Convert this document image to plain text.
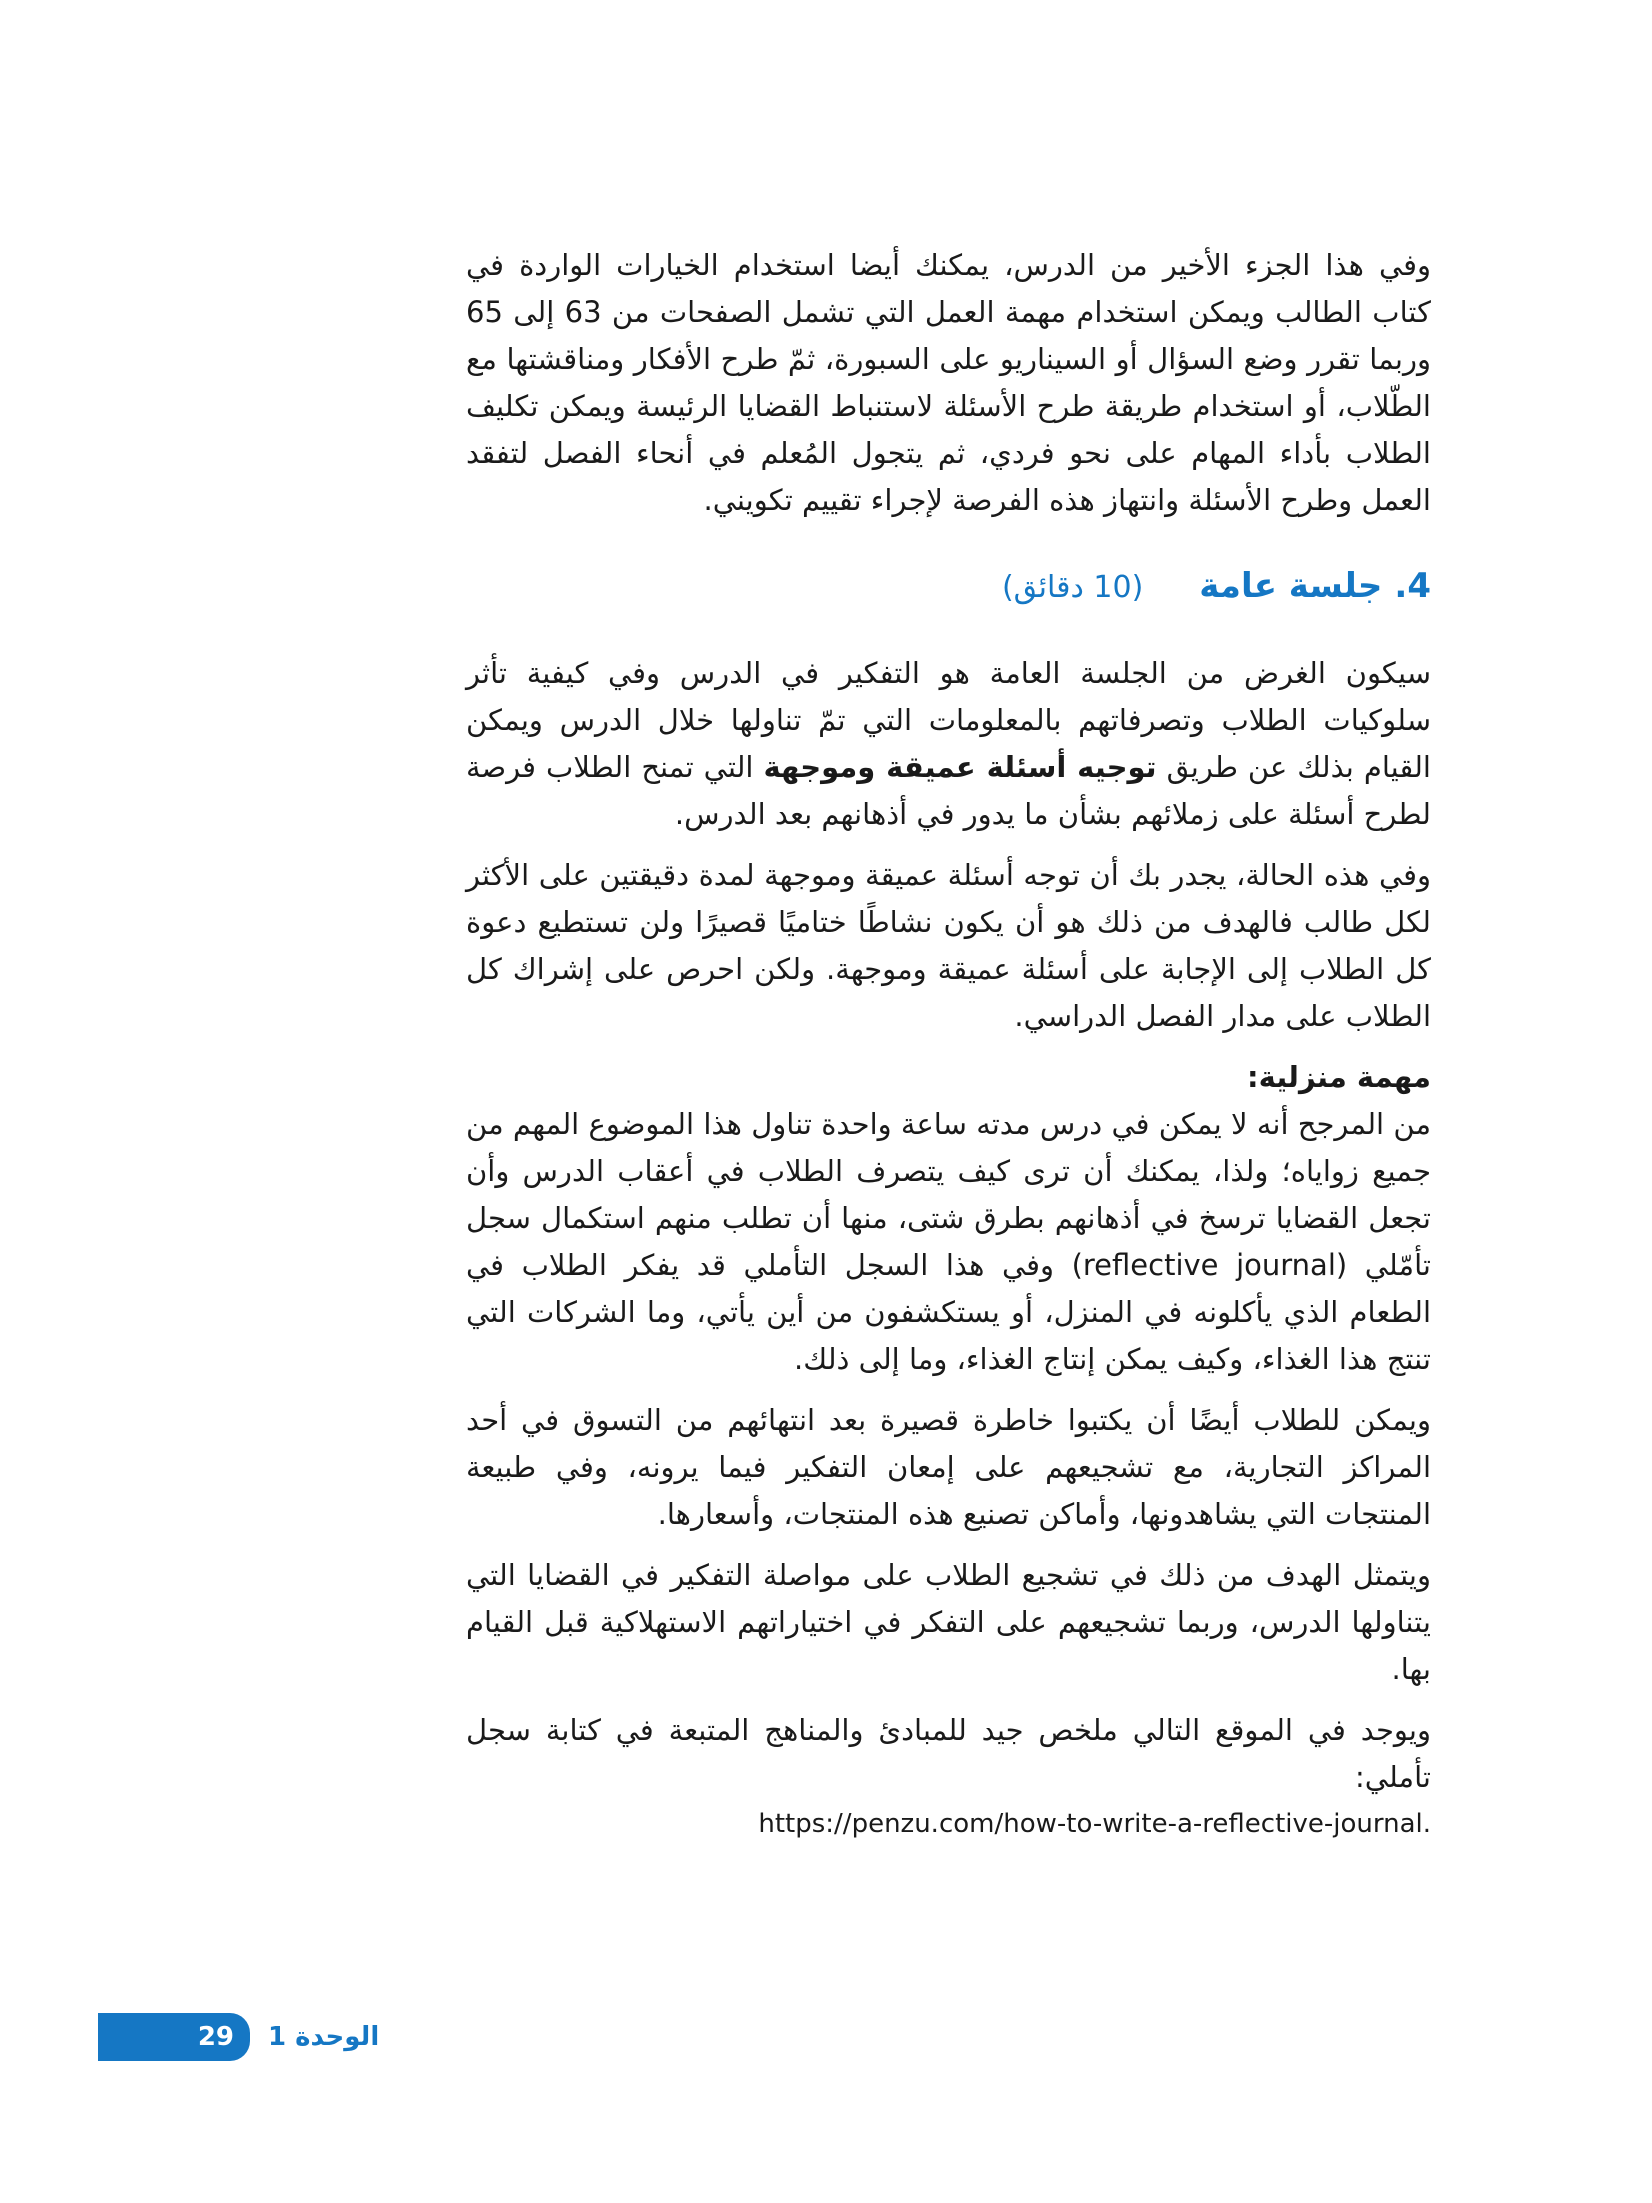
وفي هذا الجزء الأخير من الدرس، يمكنك أيضا استخدام الخيارات الواردة في كتاب الطالب ويمكن استخدام مهمة العمل التي تشمل الصفحات من 63 إلى 65 وربما تقرر وضع السؤال أو السيناريو على السبورة، ثمّ طرح الأفكار ومناقشتها مع الطّلاب، أو استخدام طريقة طرح الأسئلة لاستنباط القضايا الرئيسة ويمكن تكليف الطلاب بأداء المهام على نحو فردي، ثم يتجول المُعلم في أنحاء الفصل لتفقد العمل وطرح الأسئلة وانتهاز هذه الفرصة لإجراء تقييم تكويني.

4.
جلسة عامة
(10 دقائق)

سيكون الغرض من الجلسة العامة هو التفكير في الدرس وفي كيفية تأثر سلوكيات الطلاب وتصرفاتهم بالمعلومات التي تمّ تناولها خلال الدرس ويمكن القيام بذلك عن طريق توجيه أسئلة عميقة وموجهة التي تمنح الطلاب فرصة لطرح أسئلة على زملائهم بشأن ما يدور في أذهانهم بعد الدرس.

وفي هذه الحالة، يجدر بك أن توجه أسئلة عميقة وموجهة لمدة دقيقتين على الأكثر لكل طالب فالهدف من ذلك هو أن يكون نشاطًا ختاميًا قصيرًا ولن تستطيع دعوة كل الطلاب إلى الإجابة على أسئلة عميقة وموجهة. ولكن احرص على إشراك كل الطلاب على مدار الفصل الدراسي.

مهمة منزلية:

من المرجح أنه لا يمكن في درس مدته ساعة واحدة تناول هذا الموضوع المهم من جميع زواياه؛ ولذا، يمكنك أن ترى كيف يتصرف الطلاب في أعقاب الدرس وأن تجعل القضايا ترسخ في أذهانهم بطرق شتى، منها أن تطلب منهم استكمال سجل تأمّلي (reflective journal) وفي هذا السجل التأملي قد يفكر الطلاب في الطعام الذي يأكلونه في المنزل، أو يستكشفون من أين يأتي، وما الشركات التي تنتج هذا الغذاء، وكيف يمكن إنتاج الغذاء، وما إلى ذلك.

ويمكن للطلاب أيضًا أن يكتبوا خاطرة قصيرة بعد انتهائهم من التسوق في أحد المراكز التجارية، مع تشجيعهم على إمعان التفكير فيما يرونه، وفي طبيعة المنتجات التي يشاهدونها، وأماكن تصنيع هذه المنتجات، وأسعارها.

ويتمثل الهدف من ذلك في تشجيع الطلاب على مواصلة التفكير في القضايا التي يتناولها الدرس، وربما تشجيعهم على التفكر في اختياراتهم الاستهلاكية قبل القيام بها.

ويوجد في الموقع التالي ملخص جيد للمبادئ والمناهج المتبعة في كتابة سجل تأملي:

https://penzu.com/how-to-write-a-reflective-journal.
29 الوحدة 1
